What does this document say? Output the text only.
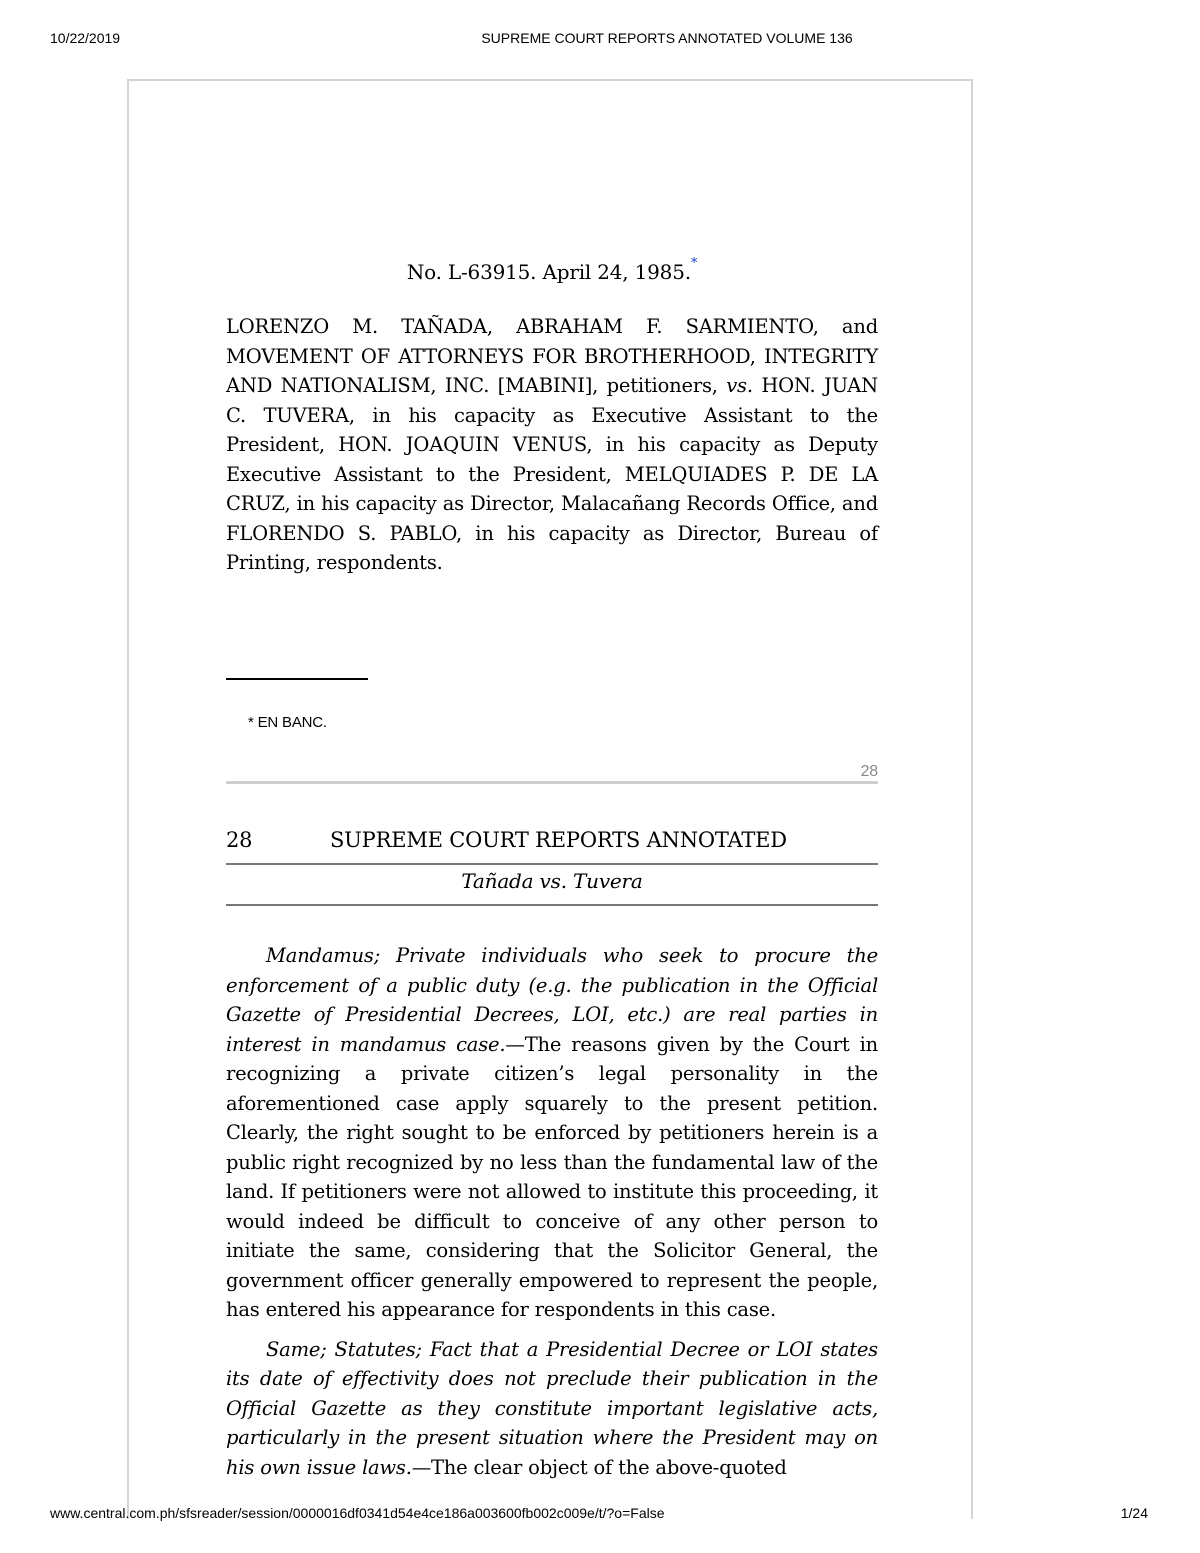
10/22/2019	SUPREME COURT REPORTS ANNOTATED VOLUME 136
No. L-63915. April 24, 1985.*
LORENZO M. TAÑADA, ABRAHAM F. SARMIENTO, and MOVEMENT OF ATTORNEYS FOR BROTHERHOOD, INTEGRITY AND NATIONALISM, INC. [MABINI], petitioners, vs. HON. JUAN C. TUVERA, in his capacity as Executive Assistant to the President, HON. JOAQUIN VENUS, in his capacity as Deputy Executive Assistant to the President, MELQUIADES P. DE LA CRUZ, in his capacity as Director, Malacañang Records Office, and FLORENDO S. PABLO, in his capacity as Director, Bureau of Printing, respondents.
* EN BANC.
28
28	SUPREME COURT REPORTS ANNOTATED
Tañada vs. Tuvera

Mandamus; Private individuals who seek to procure the enforcement of a public duty (e.g. the publication in the Official Gazette of Presidential Decrees, LOI, etc.) are real parties in interest in mandamus case.—The reasons given by the Court in recognizing a private citizen’s legal personality in the aforementioned case apply squarely to the present petition. Clearly, the right sought to be enforced by petitioners herein is a public right recognized by no less than the fundamental law of the land. If petitioners were not allowed to institute this proceeding, it would indeed be difficult to conceive of any other person to initiate the same, considering that the Solicitor General, the government officer generally empowered to represent the people, has entered his appearance for respondents in this case.

Same; Statutes; Fact that a Presidential Decree or LOI states its date of effectivity does not preclude their publication in the Official Gazette as they constitute important legislative acts, particularly in the present situation where the President may on his own issue laws.—The clear object of the above-quoted

www.central.com.ph/sfsreader/session/0000016df0341d54e4ce186a003600fb002c009e/t/?o=False	1/24
